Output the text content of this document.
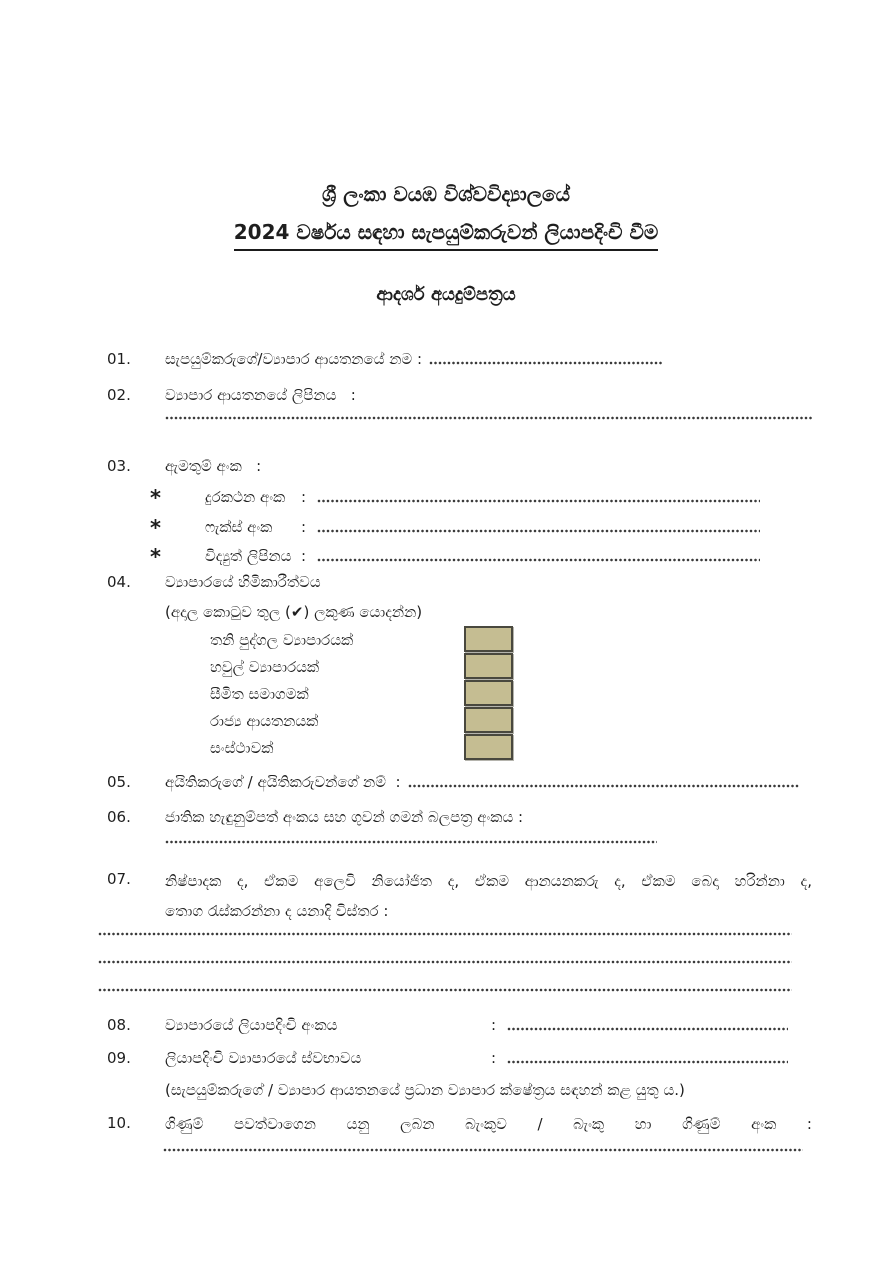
ශ්‍රී ලංකා වයඹ විශ්වවිද්‍යාලයේ
2024 වර්ෂය සඳහා සැපයුම්කරුවන් ලියාපදිංචි වීම
ආදර්ශ අයදුම්පත්‍රය
01.	සැපයුම්කරුගේ/ව්‍යාපාර ආයතනයේ නම :
02.	ව්‍යාපාර ආයතනයේ ලිපිනය   :
03.	ඇමතුම් අංක   :
*	දුරකථන අංක	:
*	ෆැක්ස් අංක	:
*	විද්‍යුත් ලිපිනය :
04.	ව්‍යාපාරයේ හිමිකාරීත්වය
(අදාල කොටුව තුල (✔) ලකුණ යොදන්න)
තනි පුද්ගල ව්‍යාපාරයක්
හවුල් ව්‍යාපාරයක්
සීමිත සමාගමක්
රාජ්‍ය ආයතනයක්
සංස්ථාවක්
05.	අයිතිකරුගේ / අයිතිකරුවන්ගේ නම්  :
06.	ජාතික හැඳුනුම්පත් අංකය සහ ගුවන් ගමන් බලපත්‍ර අංකය :
07.	නිෂ්පාදක ද, ඒකම අලෙවි නියෝජිත ද, ඒකම ආනයනකරු ද, ඒකම බෙදා හරින්නා ද,
තොග රැස්කරන්නා ද යනාදි විස්තර :
08.	ව්‍යාපාරයේ ලියාපදිංචි අංකය	:
09.	ලියාපදිංචි ව්‍යාපාරයේ ස්වභාවය	:
(සැපයුම්කරුගේ / ව්‍යාපාර ආයතනයේ ප්‍රධාන ව්‍යාපාර ක්ෂේත්‍රය සඳහන් කළ යුතු ය.)
10.	ගිණුම් පවත්වාගෙන යනු ලබන බැංකුව / බැංකු හා ගිණුම් අංක :
